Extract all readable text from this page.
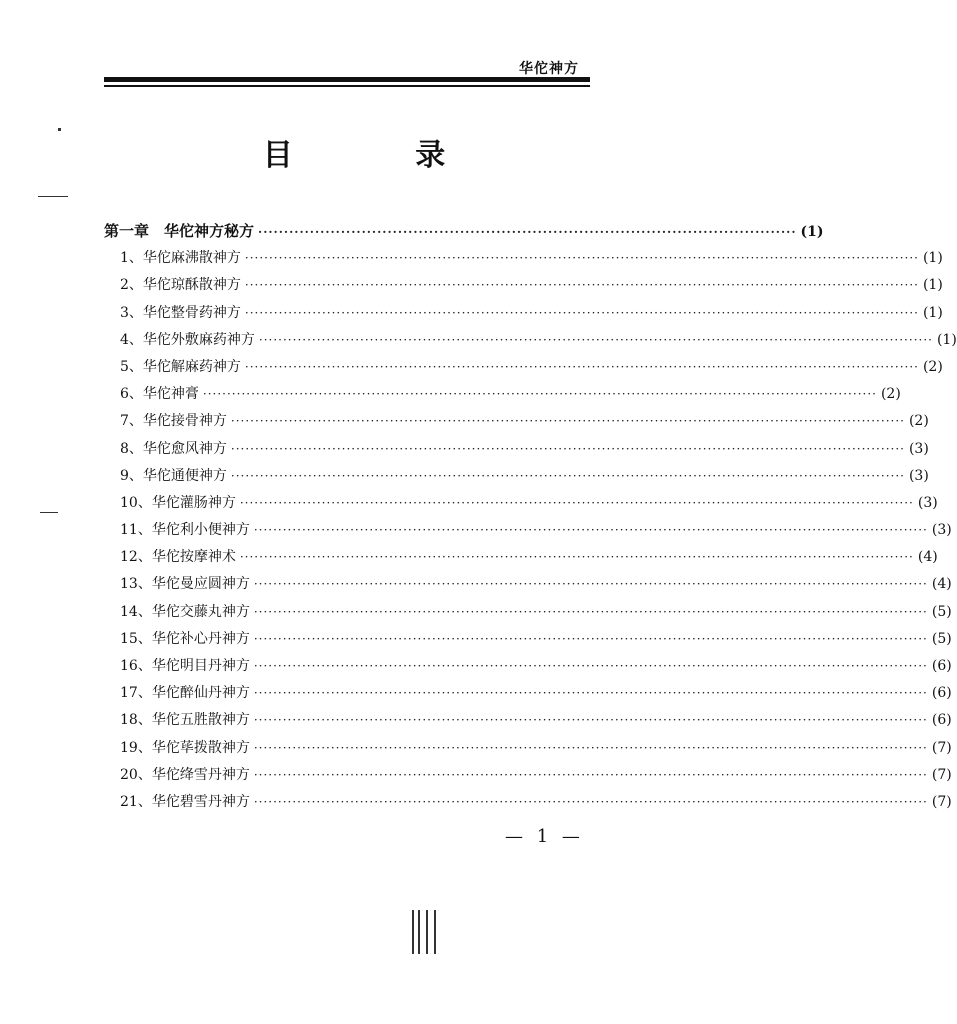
华佗神方
目 录
第一章　华佗神方秘方 ········································································································ (1)
1、华佗麻沸散神方 ············································································································································ (1)
2、华佗琼酥散神方 ············································································································································ (1)
3、华佗整骨药神方 ············································································································································ (1)
4、华佗外敷麻药神方 ············································································································································ (1)
5、华佗解麻药神方 ············································································································································ (2)
6、华佗神膏 ············································································································································ (2)
7、华佗接骨神方 ············································································································································ (2)
8、华佗愈风神方 ············································································································································ (3)
9、华佗通便神方 ············································································································································ (3)
10、华佗灌肠神方 ············································································································································ (3)
11、华佗利小便神方 ············································································································································ (3)
12、华佗按摩神术 ············································································································································ (4)
13、华佗曼应圆神方 ············································································································································ (4)
14、华佗交藤丸神方 ············································································································································ (5)
15、华佗补心丹神方 ············································································································································ (5)
16、华佗明目丹神方 ············································································································································ (6)
17、华佗醉仙丹神方 ············································································································································ (6)
18、华佗五胜散神方 ············································································································································ (6)
19、华佗荜拨散神方 ············································································································································ (7)
20、华佗绛雪丹神方 ············································································································································ (7)
21、华佗碧雪丹神方 ············································································································································ (7)
— 1 —
